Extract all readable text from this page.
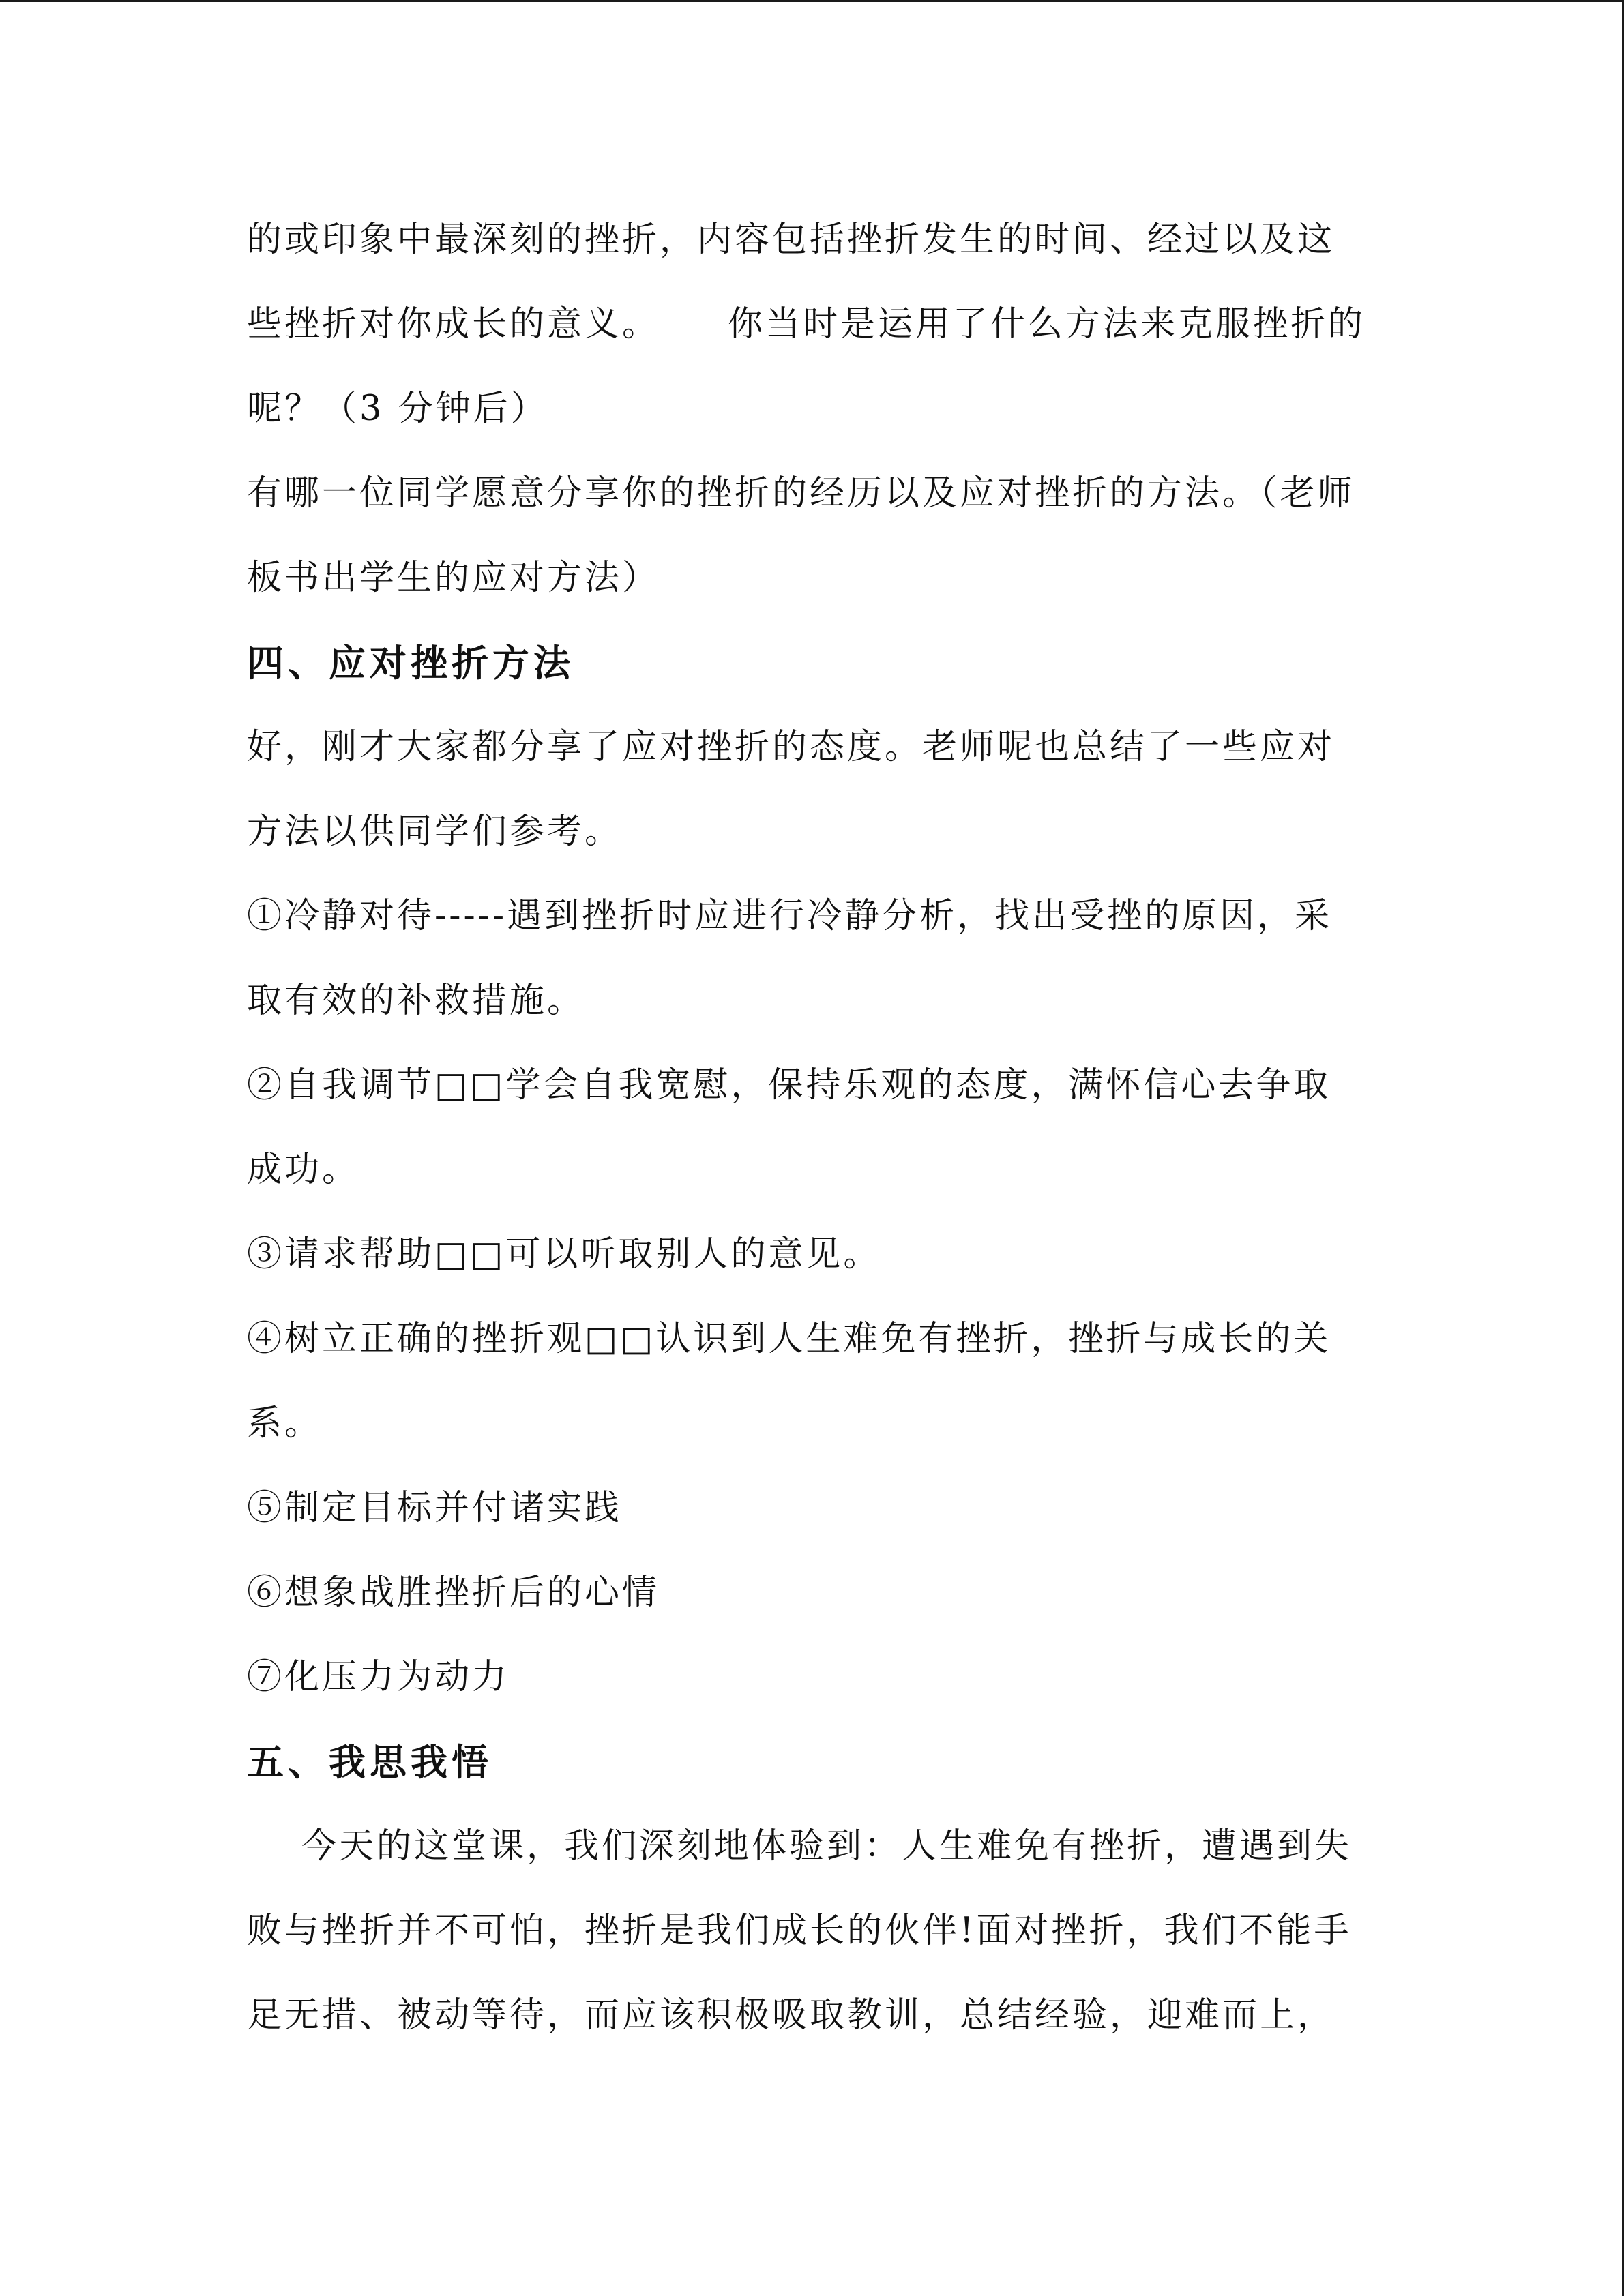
的或印象中最深刻的挫折，内容包括挫折发生的时间、经过以及这
些挫折对你成长的意义。 你当时是运用了什么方法来克服挫折的
呢？（3 分钟后）
有哪一位同学愿意分享你的挫折的经历以及应对挫折的方法。（老师
板书出学生的应对方法）
四、应对挫折方法
好，刚才大家都分享了应对挫折的态度。老师呢也总结了一些应对
方法以供同学们参考。
①冷静对待-----遇到挫折时应进行冷静分析，找出受挫的原因，采
取有效的补救措施。
②自我调节□□学会自我宽慰，保持乐观的态度，满怀信心去争取
成功。
③请求帮助□□可以听取别人的意见。
④树立正确的挫折观□□认识到人生难免有挫折，挫折与成长的关
系。
⑤制定目标并付诸实践
⑥想象战胜挫折后的心情
⑦化压力为动力
五、我思我悟
今天的这堂课，我们深刻地体验到：人生难免有挫折，遭遇到失
败与挫折并不可怕，挫折是我们成长的伙伴!面对挫折，我们不能手
足无措、被动等待，而应该积极吸取教训，总结经验，迎难而上，
